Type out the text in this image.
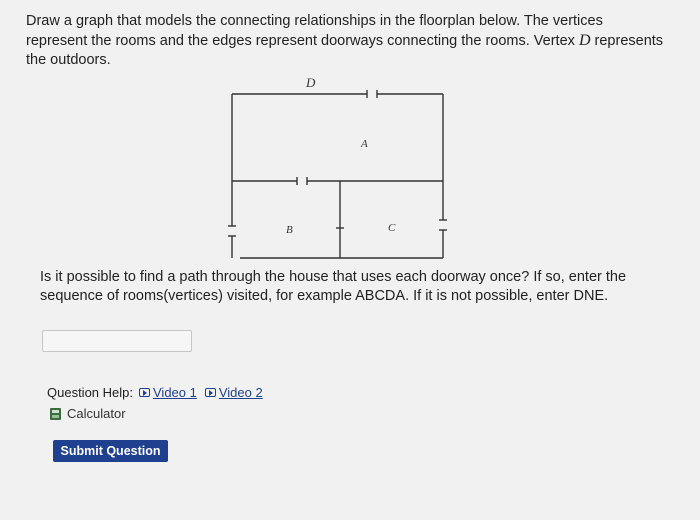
Draw a graph that models the connecting relationships in the floorplan below. The vertices
represent the rooms and the edges represent doorways connecting the rooms. Vertex D represents
the outdoors.

D
A
B	C

Is it possible to find a path through the house that uses each doorway once? If so, enter the
sequence of rooms(vertices) visited, for example ABCDA. If it is not possible, enter DNE.

Question Help: Video 1 Video 2
Calculator
Submit Question
